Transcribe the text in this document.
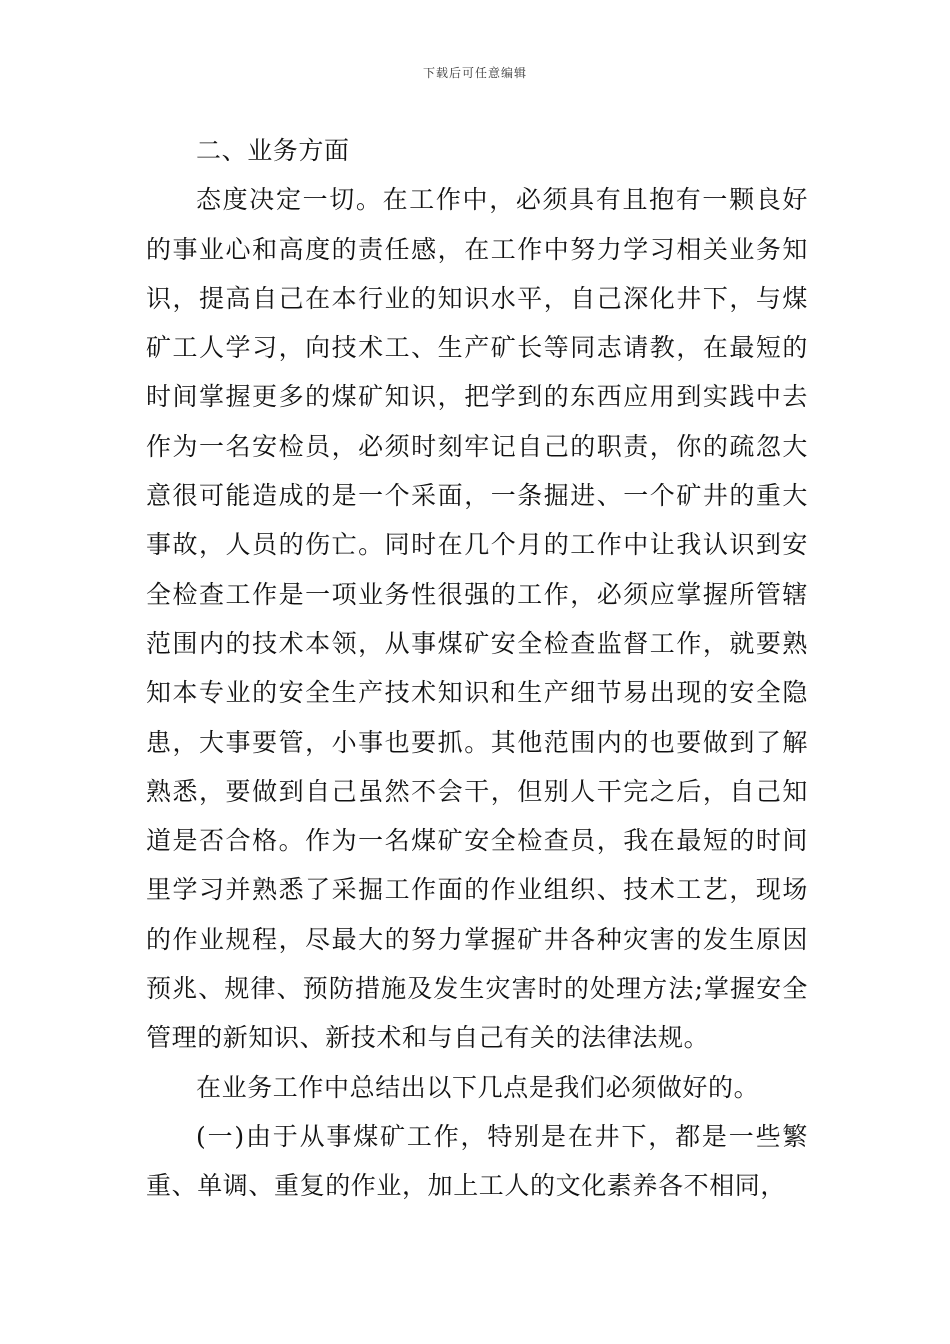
下载后可任意编辑

二、业务方面

态度决定一切。在工作中，必须具有且抱有一颗良好的事业心和高度的责任感，在工作中努力学习相关业务知识，提高自己在本行业的知识水平，自己深化井下，与煤矿工人学习，向技术工、生产矿长等同志请教，在最短的时间掌握更多的煤矿知识，把学到的东西应用到实践中去作为一名安检员，必须时刻牢记自己的职责，你的疏忽大意很可能造成的是一个采面，一条掘进、一个矿井的重大事故，人员的伤亡。同时在几个月的工作中让我认识到安全检查工作是一项业务性很强的工作，必须应掌握所管辖范围内的技术本领，从事煤矿安全检查监督工作，就要熟知本专业的安全生产技术知识和生产细节易出现的安全隐患，大事要管，小事也要抓。其他范围内的也要做到了解熟悉，要做到自己虽然不会干，但别人干完之后，自己知道是否合格。作为一名煤矿安全检查员，我在最短的时间里学习并熟悉了采掘工作面的作业组织、技术工艺，现场的作业规程，尽最大的努力掌握矿井各种灾害的发生原因预兆、规律、预防措施及发生灾害时的处理方法;掌握安全管理的新知识、新技术和与自己有关的法律法规。

在业务工作中总结出以下几点是我们必须做好的。

(一)由于从事煤矿工作，特别是在井下，都是一些繁重、单调、重复的作业，加上工人的文化素养各不相同，
